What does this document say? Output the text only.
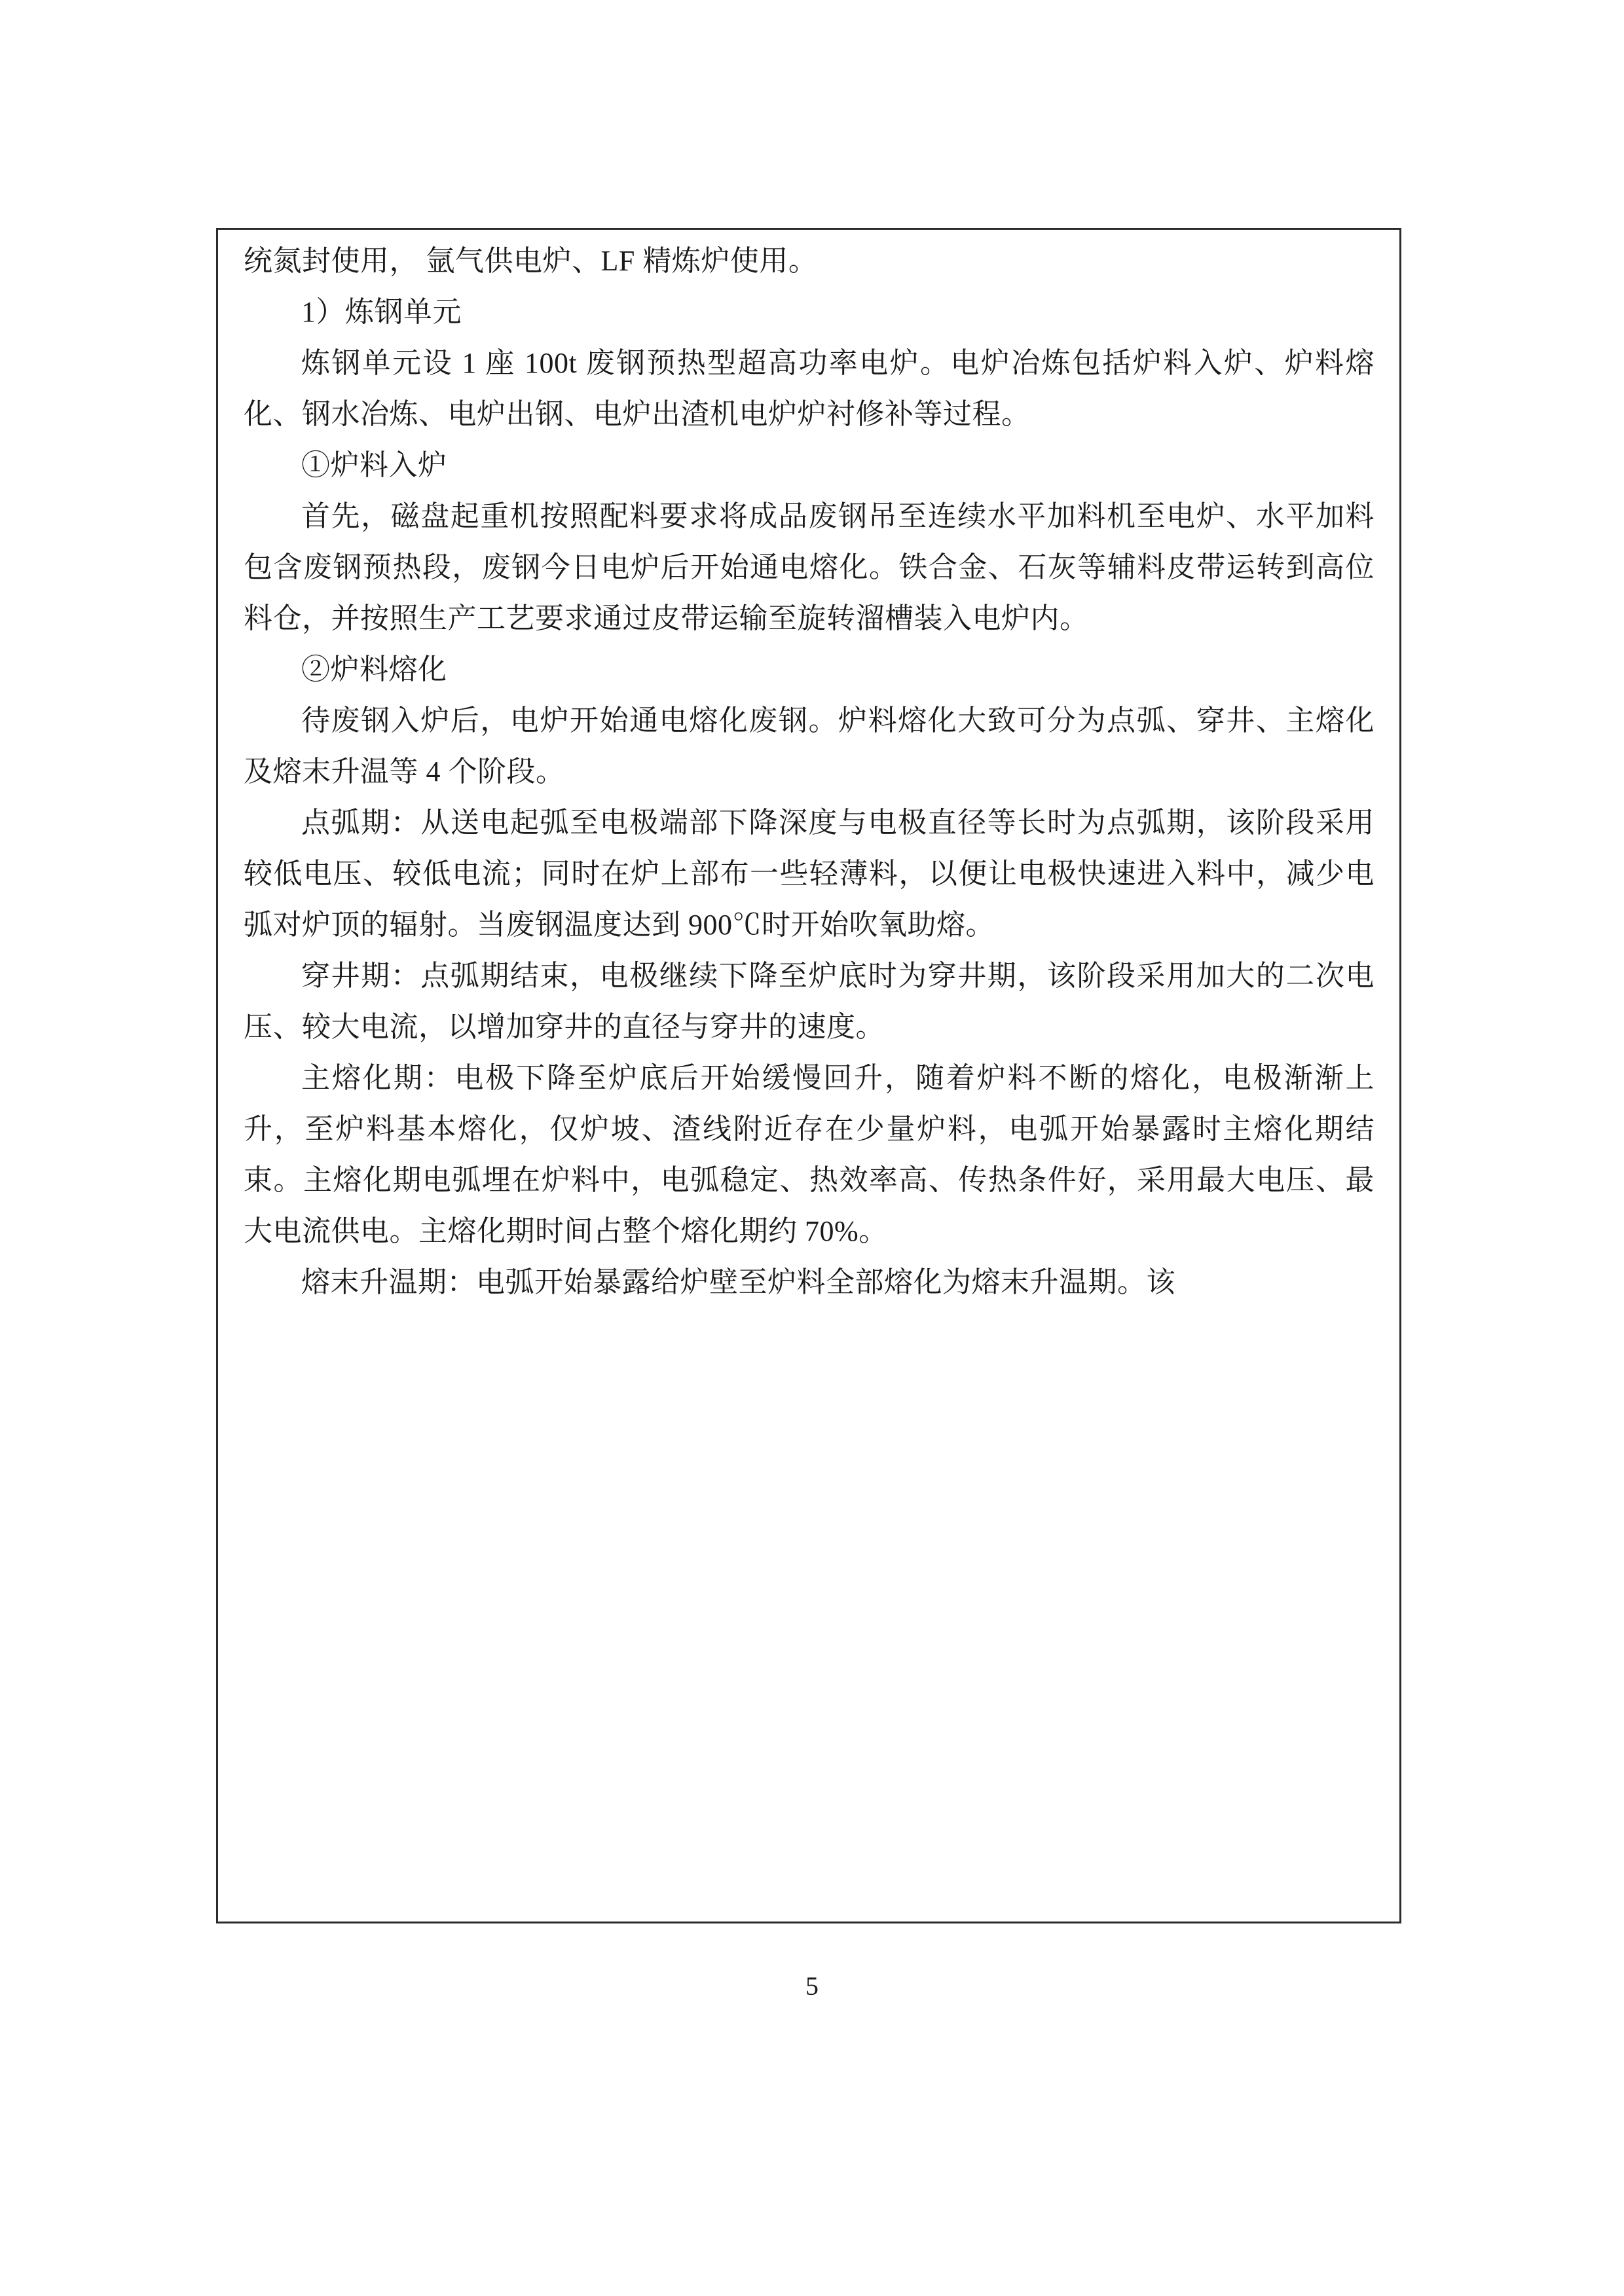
统氮封使用， 氩气供电炉、LF 精炼炉使用。

1）炼钢单元

炼钢单元设 1 座 100t 废钢预热型超高功率电炉。电炉冶炼包括炉料入炉、炉料熔化、钢水冶炼、电炉出钢、电炉出渣机电炉炉衬修补等过程。

①炉料入炉

首先，磁盘起重机按照配料要求将成品废钢吊至连续水平加料机至电炉、水平加料包含废钢预热段，废钢今日电炉后开始通电熔化。铁合金、石灰等辅料皮带运转到高位料仓，并按照生产工艺要求通过皮带运输至旋转溜槽装入电炉内。

②炉料熔化

待废钢入炉后，电炉开始通电熔化废钢。炉料熔化大致可分为点弧、穿井、主熔化及熔末升温等 4 个阶段。

点弧期：从送电起弧至电极端部下降深度与电极直径等长时为点弧期，该阶段采用较低电压、较低电流；同时在炉上部布一些轻薄料，以便让电极快速进入料中，减少电弧对炉顶的辐射。当废钢温度达到 900℃时开始吹氧助熔。

穿井期：点弧期结束，电极继续下降至炉底时为穿井期，该阶段采用加大的二次电压、较大电流，以增加穿井的直径与穿井的速度。

主熔化期：电极下降至炉底后开始缓慢回升，随着炉料不断的熔化，电极渐渐上升，至炉料基本熔化，仅炉坡、渣线附近存在少量炉料，电弧开始暴露时主熔化期结束。主熔化期电弧埋在炉料中，电弧稳定、热效率高、传热条件好，采用最大电压、最大电流供电。主熔化期时间占整个熔化期约 70%。

熔末升温期：电弧开始暴露给炉壁至炉料全部熔化为熔末升温期。该

5
